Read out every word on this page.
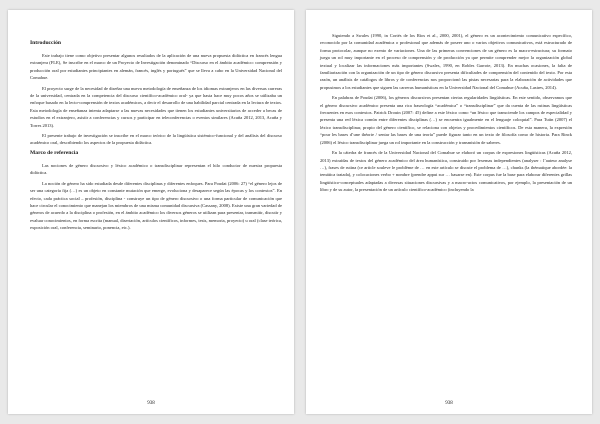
Introducción

Este trabajo tiene como objetivo presentar algunos resultados de la aplicación de una nueva propuesta didáctica en francés lengua extranjera (FLE), Se inscribe en el marco de un Proyecto de Investigación denominado “Discurso en el ámbito académico: comprensión y producción oral por estudiantes principiantes en alemán, francés, inglés y portugués” que se lleva a cabo en la Universidad Nacional del Comahue.

El proyecto surge de la necesidad de diseñar una nueva metodología de enseñanza de los idiomas extranjeros en las diversas carreras de la universidad, centrada en la competencia del discurso científico-académico oral- ya que hasta hace muy pocos años se utilizaba un enfoque basado en la lecto-comprensión de textos académicos, a decir el desarrollo de una habilidad parcial centrada en la lectura de textos. Esta metodología de enseñanza intenta adaptarse a las nuevas necesidades que tienen los estudiantes universitarios de acceder a becas de estudios en el extranjero, asistir a conferencias y cursos y participar en teleconferencias o eventos similares (Acuña 2012, 2013, Acuña y Torres 2013).

El presente trabajo de investigación se inscribe en el marco teórico de la lingüística sistémico-funcional y del análisis del discurso académico oral, describiendo los aspectos de la propuesta didáctica.

Marco de referencia

Las nociones de género discursivo y léxico académico o transdisciplinar representan el hilo conductor de nuestra propuesta didáctica.

La noción de género ha sido estudiada desde diferentes disciplinas y diferentes enfoques. Para Poudat (2006: 27) “el género lejos de ser una categoría fija (…) es un objeto en constante mutación que emerge, evoluciona y desaparece según las épocas y los contextos”. En efecto, cada práctica social – profesión, disciplina - construye un tipo de género discursivo o una forma particular de comunicación que hace circular el conocimiento que manejan los miembros de una misma comunidad discursiva (Cassany, 2008). Existe una gran variedad de géneros de acuerdo a la disciplina o profesión, en el ámbito académico los diversos géneros se utilizan para presentar, transmitir, discutir y evaluar conocimientos, en forma escrita (manual, disertación, artículos científicos, informes, tesis, memoria, proyecto) u oral (clase teórica, exposición oral, conferencia, seminario, ponencia, etc.).

938

Siguiendo a Swales (1990, in Cortés de los Ríos et al., 2000, 2001), el género es un acontecimiento comunicativo específico, reconocido por la comunidad académica o profesional que además de poseer uno o varios objetivos comunicativos, está estructurado de forma protocolar, aunque no exento de variaciones. Una de las primeras convenciones de un género es la macro-estructura; su formato juega un rol muy importante en el proceso de comprensión y de producción ya que permite comprender mejor la organización global textual y localizar las informaciones más importantes (Swales, 1990, en Robles Garrote, 2013). En muchas ocasiones, la falta de familiarización con la organización de un tipo de género discursivo presenta dificultades de comprensión del contenido del texto. Por esta razón, un análisis de catálogos de libros y de conferencias nos proporcionó las pistas necesarias para la elaboración de actividades que propusimos a los estudiantes que siguen las carreras humanísticas en la Universidad Nacional del Comahue (Acuña, Lastres, 2014).

En palabras de Poudat (2006), los géneros discursivos presentan ciertas regularidades lingüísticas. En este sentido, observamos que el género discursivo académico presenta una rica fraseología “académica” o “transdisciplinar” que da cuenta de las rutinas lingüísticas frecuentes en esos contextos. Patrick Drouin (2007: 45) define a este léxico como “un léxico que transciende los campos de especialidad y presenta una red léxica común entre diferentes disciplinas (…) se encuentra igualmente en el lenguaje coloquial”. Para Tutin (2007) el léxico transdisciplinar, propio del género científico, se relaciona con objetos y procedimientos científicos. De esta manera, la expresión “pour les bases d’une théorie / sentar las bases de una teoría” puede figurar tanto en un texto de filosofía como de historia. Para Rinck (2006) el léxico transdisciplinar juega un rol importante en la construcción y transmisión de saberes.

En la cátedra de francés de la Universidad Nacional del Comahue se elaboró un corpus de expresiones lingüísticas (Acuña 2012, 2013) extraídas de textos del género académico del área humanística, construido por lexemas independientes (analyser : l’auteur analyse …), frases de rutina (ce article souleve le problème de … en este artículo se discute el problema de …), chunks (la thématique abordée: la temática tratada), y colocaciones verbo + nombre (prendre appui sur … basarse en). Este corpus fue la base para elaborar diferentes grillas lingüístico-conceptuales adaptadas a diversas situaciones discursivas y a macro-actos comunicativos, por ejemplo, la presentación de un libro y de su autor, la presentación de un artículo científico-académico (incluyendo la

938
